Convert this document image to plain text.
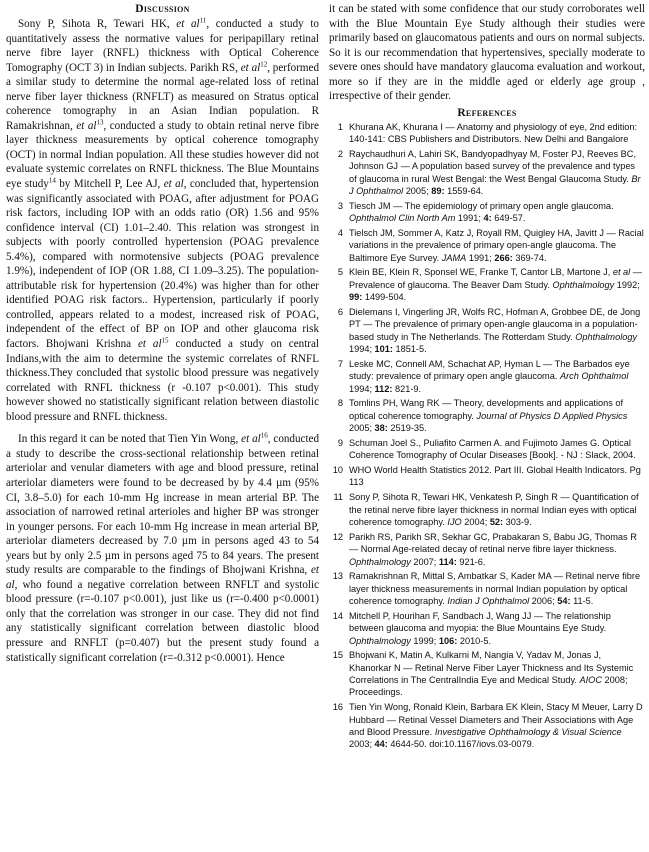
Discussion

Sony P, Sihota R, Tewari HK, et $al^{11}$, conducted a study to quantitatively assess the normative values for peripapillary retinal nerve fibre layer (RNFL) thickness with Optical Coherence Tomography (OCT 3) in Indian subjects. Parikh RS, et $al^{12}$, performed a similar study to determine the normal age-related loss of retinal nerve fiber layer thickness (RNFLT) as measured on Stratus optical coherence tomography in an Asian Indian population. R Ramakrishnan, et $al^{13}$, conducted a study to obtain retinal nerve fibre layer thickness measurements by optical coherence tomography (OCT) in normal Indian population. All these studies however did not evaluate systemic correlates on RNFL thickness. The Blue Mountains eye study$^{14}$ by Mitchell P, Lee AJ, et al, concluded that, hypertension was significantly associated with POAG, after adjustment for POAG risk factors, including IOP with an odds ratio (OR) 1.56 and 95% confidence interval (CI) 1.01–2.40. This relation was strongest in subjects with poorly controlled hypertension (POAG prevalence 5.4%), compared with normotensive subjects (POAG prevalence 1.9%), independent of IOP (OR 1.88, CI 1.09–3.25). The population-attributable risk for hypertension (20.4%) was higher than for other identified POAG risk factors.. Hypertension, particularly if poorly controlled, appears related to a modest, increased risk of POAG, independent of the effect of BP on IOP and other glaucoma risk factors. Bhojwani Krishna et $al^{15}$ conducted a study on central Indians,with the aim to determine the systemic correlates of RNFL thickness.They concluded that systolic blood pressure was negatively correlated with RNFL thickness (r -0.107 p<0.001). This study however showed no statistically significant relation between diastolic blood pressure and RNFL thickness.

In this regard it can be noted that Tien Yin Wong, et $al^{16}$, conducted a study to describe the cross-sectional relationship between retinal arteriolar and venular diameters with age and blood pressure, retinal arteriolar diameters were found to be decreased by by 4.4 µm (95% CI, 3.8–5.0) for each 10-mm Hg increase in mean arterial BP. The association of narrowed retinal arterioles and higher BP was stronger in younger persons. For each 10-mm Hg increase in mean arterial BP, arteriolar diameters decreased by 7.0 µm in persons aged 43 to 54 years but by only 2.5 µm in persons aged 75 to 84 years. The present study results are comparable to the findings of Bhojwani Krishna, et al, who found a negative correlation between RNFLT and systolic blood pressure (r=-0.107 p<0.001), just like us (r=-0.400 p<0.0001) only that the correlation was stronger in our case. They did not find any statistically significant correlation between diastolic blood pressure and RNFLT (p=0.407) but the present study found a statistically significant correlation (r=-0.312 p<0.0001). Hence

it can be stated with some confidence that our study corroborates well with the Blue Mountain Eye Study although their studies were primarily based on glaucomatous patients and ours on normal subjects. So it is our recommendation that hypertensives, specially moderate to severe ones should have mandatory glaucoma evaluation and workout, more so if they are in the middle aged or elderly age group , irrespective of their gender.

References
1 Khurana AK, Khurana I — Anatomy and physiology of eye, 2nd edition: 140-141: CBS Publishers and Distributors. New Delhi and Bangalore
2 Raychaudhuri A, Lahiri SK, Bandyopadhyay M, Foster PJ, Reeves BC, Johnson GJ — A population based survey of the prevalence and types of glaucoma in rural West Bengal: the West Bengal Glaucoma Study. Br J Ophthalmol 2005; 89: 1559-64.
3 Tiesch JM — The epidemiology of primary open angle glaucoma. Ophthalmol Clin North Am 1991; 4: 649-57.
4 Tielsch JM, Sommer A, Katz J, Royall RM, Quigley HA, Javitt J — Racial variations in the prevalence of primary open-angle glaucoma. The Baltimore Eye Survey. JAMA 1991; 266: 369-74.
5 Klein BE, Klein R, Sponsel WE, Franke T, Cantor LB, Martone J, et al — Prevalence of glaucoma. The Beaver Dam Study. Ophthalmology 1992; 99: 1499-504.
6 Dielemans I, Vingerling JR, Wolfs RC, Hofman A, Grobbee DE, de Jong PT — The prevalence of primary open-angle glaucoma in a population-based study in The Netherlands. The Rotterdam Study. Ophthalmology 1994; 101: 1851-5.
7 Leske MC, Connell AM, Schachat AP, Hyman L — The Barbados eye study: prevalence of primary open angle glaucoma. Arch Ophthalmol 1994; 112: 821-9.
8 Tomlins PH, Wang RK — Theory, developments and applications of optical coherence tomography. Journal of Physics D Applied Physics 2005; 38: 2519-35.
9 Schuman Joel S., Puliafito Carmen A. and Fujimoto James G. Optical Coherence Tomography of Ocular Diseases [Book]. - NJ : Slack, 2004.
10 WHO World Health Statistics 2012. Part III. Global Health Indicators. Pg 113
11 Sony P, Sihota R, Tewari HK, Venkatesh P, Singh R — Quantification of the retinal nerve fibre layer thickness in normal Indian eyes with optical coherence tomography. IJO 2004; 52: 303-9.
12 Parikh RS, Parikh SR, Sekhar GC, Prabakaran S, Babu JG, Thomas R — Normal Age-related decay of retinal nerve fibre layer thickness. Ophthalmology 2007; 114: 921-6.
13 Ramakrishnan R, Mittal S, Ambatkar S, Kader MA — Retinal nerve fibre layer thickness measurements in normal Indian population by optical coherence tomography. Indian J Ophthalmol 2006; 54: 11-5.
14 Mitchell P, Hourihan F, Sandbach J, Wang JJ — The relationship between glaucoma and myopia: the Blue Mountains Eye Study. Ophthalmology 1999; 106: 2010-5.
15 Bhojwani K, Matin A, Kulkarni M, Nangia V, Yadav M, Jonas J, Khanorkar N — Retinal Nerve Fiber Layer Thickness and Its Systemic Correlations in The CentralIndia Eye and Medical Study. AIOC 2008; Proceedings.
16 Tien Yin Wong, Ronald Klein, Barbara EK Klein, Stacy M Meuer, Larry D Hubbard — Retinal Vessel Diameters and Their Associations with Age and Blood Pressure. Investigative Ophthalmology & Visual Science 2003; 44: 4644-50. doi:10.1167/iovs.03-0079.
